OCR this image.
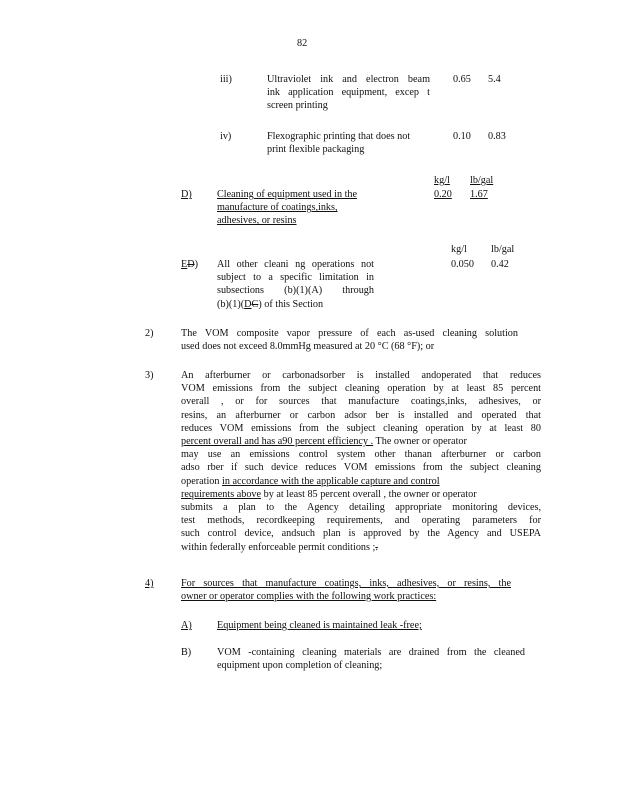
82
iii)	Ultraviolet ink and electron beam
ink application equipment, excep t
screen printing
0.65 5.4
iv)	Flexographic printing that does not
print flexible packaging
0.10 0.83
kg/l lb/gal
D) Cleaning of equipment used in the
manufacture of coatings,inks,
adhesives, or resins
0.20 1.67
kg/l lb/gal
ED) All other cleani ng operations not
subject to a specific limitation in
subsections (b)(1)(A) through
(b)(1)(DC) of this Section
0.050 0.42
2)	The VOM composite vapor pressure of each as-used cleaning solution
used does not exceed 8.0mmHg measured at 20 °C (68 °F); or
3)	An afterburner or carbonadsorber is installed andoperated that reduces
VOM emissions from the subject cleaning operation by at least 85 percent
overall , or for sources that manufacture coatings,inks, adhesives, or
resins, an afterburner or carbon adsor ber is installed and operated that
reduces VOM emissions from the subject cleaning operation by at least 80
percent overall and has a90 percent efficiency . The owner or operator
may use an emissions control system other thanan afterburner or carbon
adso rber if such device reduces VOM emissions from the subject cleaning
operation in accordance with the applicable capture and control
requirements above by at least 85 percent overall , the owner or operator
submits a plan to the Agency detailing appropriate monitoring devices,
test methods, recordkeeping requirements, and operating parameters for
such control device, andsuch plan is approved by the Agency and USEPA
within federally enforceable permit conditions ;.
4)	For sources that manufacture coatings, inks, adhesives, or resins, the
owner or operator complies with the following work practices:
A) Equipment being cleaned is maintained leak -free;
B)	VOM -containing cleaning materials are drained from the cleaned
equipment upon completion of cleaning;
